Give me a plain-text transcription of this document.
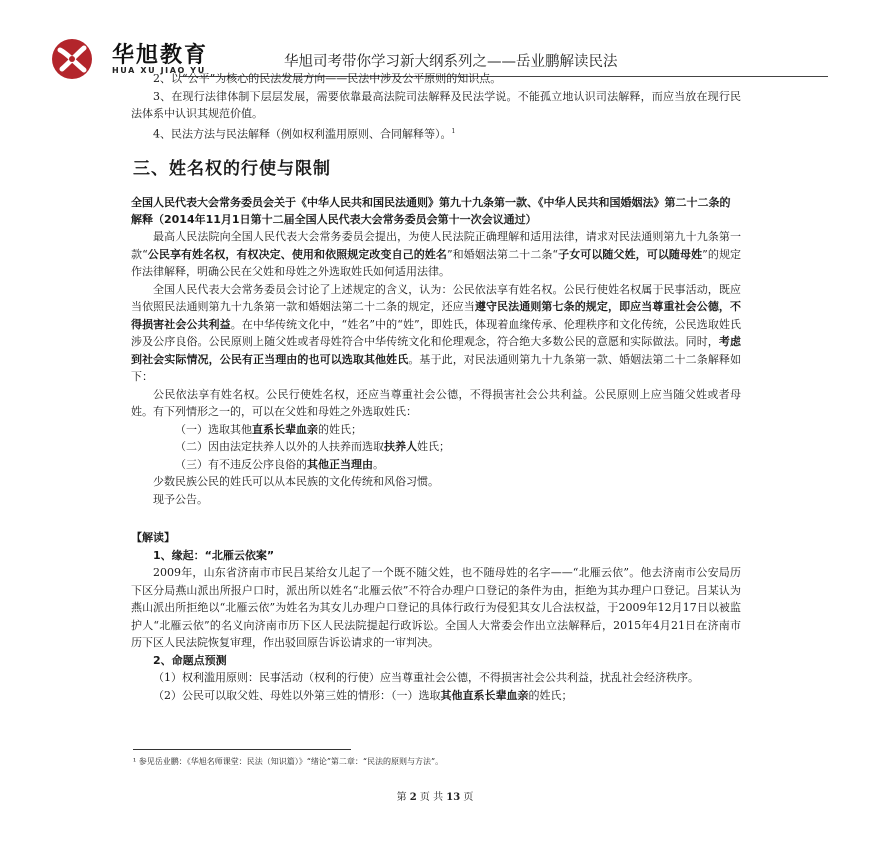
华旭教育
HUA XU JIAO YU
华旭司考带你学习新大纲系列之——岳业鹏解读民法

2、以“公平”为核心的民法发展方向——民法中涉及公平原则的知识点。

3、在现行法律体制下层层发展，需要依靠最高法院司法解释及民法学说。不能孤立地认识司法解释，而应当放在现行民法体系中认识其规范价值。

4、民法方法与民法解释（例如权利滥用原则、合同解释等）。$^1$

三、姓名权的行使与限制

全国人民代表大会常务委员会关于《中华人民共和国民法通则》第九十九条第一款、《中华人民共和国婚姻法》第二十二条的解释（2014年11月1日第十二届全国人民代表大会常务委员会第十一次会议通过）

最高人民法院向全国人民代表大会常务委员会提出，为使人民法院正确理解和适用法律，请求对民法通则第九十九条第一款“公民享有姓名权，有权决定、使用和依照规定改变自己的姓名”和婚姻法第二十二条“子女可以随父姓，可以随母姓”的规定作法律解释，明确公民在父姓和母姓之外选取姓氏如何适用法律。

全国人民代表大会常务委员会讨论了上述规定的含义，认为：公民依法享有姓名权。公民行使姓名权属于民事活动，既应当依照民法通则第九十九条第一款和婚姻法第二十二条的规定，还应当遵守民法通则第七条的规定，即应当尊重社会公德，不得损害社会公共利益。在中华传统文化中，“姓名”中的“姓”，即姓氏，体现着血缘传承、伦理秩序和文化传统，公民选取姓氏涉及公序良俗。公民原则上随父姓或者母姓符合中华传统文化和伦理观念，符合绝大多数公民的意愿和实际做法。同时，考虑到社会实际情况，公民有正当理由的也可以选取其他姓氏。基于此，对民法通则第九十九条第一款、婚姻法第二十二条解释如下：

公民依法享有姓名权。公民行使姓名权，还应当尊重社会公德，不得损害社会公共利益。公民原则上应当随父姓或者母姓。有下列情形之一的，可以在父姓和母姓之外选取姓氏：

（一）选取其他直系长辈血亲的姓氏；

（二）因由法定扶养人以外的人扶养而选取扶养人姓氏；

（三）有不违反公序良俗的其他正当理由。

少数民族公民的姓氏可以从本民族的文化传统和风俗习惯。

现予公告。

【解读】

1、缘起：“北雁云依案”

2009年，山东省济南市市民吕某给女儿起了一个既不随父姓，也不随母姓的名字——“北雁云依”。他去济南市公安局历下区分局燕山派出所报户口时，派出所以姓名“北雁云依”不符合办理户口登记的条件为由，拒绝为其办理户口登记。吕某认为燕山派出所拒绝以“北雁云依”为姓名为其女儿办理户口登记的具体行政行为侵犯其女儿合法权益，于2009年12月17日以被监护人“北雁云依”的名义向济南市历下区人民法院提起行政诉讼。全国人大常委会作出立法解释后，2015年4月21日在济南市历下区人民法院恢复审理，作出驳回原告诉讼请求的一审判决。

2、命题点预测

（1）权利滥用原则：民事活动（权利的行使）应当尊重社会公德，不得损害社会公共利益，扰乱社会经济秩序。

（2）公民可以取父姓、母姓以外第三姓的情形：（一）选取其他直系长辈血亲的姓氏；

¹ 参见岳业鹏：《华旭名师课堂：民法（知识篇）》“绪论”第二章：“民法的原则与方法”。
第 2 页 共 13 页
